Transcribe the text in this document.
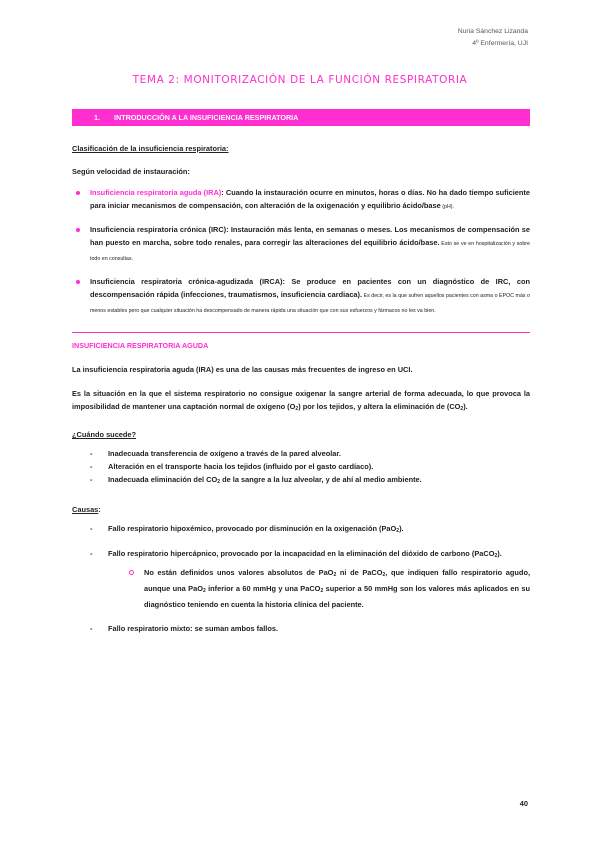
Nuria Sánchez Lizanda
4º Enfermería, UJI
TEMA 2: MONITORIZACIÓN DE LA FUNCIÓN RESPIRATORIA
1. INTRODUCCIÓN A LA INSUFICIENCIA RESPIRATORIA

Clasificación de la insuficiencia respiratoria:

Según velocidad de instauración:

Insuficiencia respiratoria aguda (IRA): Cuando la instauración ocurre en minutos, horas o días. No ha dado tiempo suficiente para iniciar mecanismos de compensación, con alteración de la oxigenación y equilibrio ácido/base (pH).
Insuficiencia respiratoria crónica (IRC): Instauración más lenta, en semanas o meses. Los mecanismos de compensación se han puesto en marcha, sobre todo renales, para corregir las alteraciones del equilibrio ácido/base. Esto se ve en hospitalización y sobre todo en consultas.
Insuficiencia respiratoria crónica-agudizada (IRCA): Se produce en pacientes con un diagnóstico de IRC, con descompensación rápida (infecciones, traumatismos, insuficiencia cardiaca). Es decir, es la que sufren aquellos pacientes con asma o EPOC más o menos estables pero que cualquier situación ha descompensado de manera rápida una situación que con sus esfuerzos y fármacos no les va bien.

INSUFICIENCIA RESPIRATORIA AGUDA

La insuficiencia respiratoria aguda (IRA) es una de las causas más frecuentes de ingreso en UCI.

Es la situación en la que el sistema respiratorio no consigue oxigenar la sangre arterial de forma adecuada, lo que provoca la imposibilidad de mantener una captación normal de oxígeno $(O_2)$ por los tejidos, y altera la eliminación de $(CO_2)$.

¿Cuándo sucede?

- Inadecuada transferencia de oxígeno a través de la pared alveolar.
- Alteración en el transporte hacia los tejidos (influido por el gasto cardíaco).
- Inadecuada eliminación del $CO_2$ de la sangre a la luz alveolar, y de ahí al medio ambiente.

Causas:

- Fallo respiratorio hipoxémico, provocado por disminución en la oxigenación (PaO$_2$).
- Fallo respiratorio hipercápnico, provocado por la incapacidad en la eliminación del dióxido de carbono (PaCO$_2$).
No están definidos unos valores absolutos de PaO$_2$ ni de PaCO$_2$, que indiquen fallo respiratorio agudo, aunque una PaO$_2$ inferior a 60 mmHg y una PaCO$_2$ superior a 50 mmHg son los valores más aplicados en su diagnóstico teniendo en cuenta la historia clínica del paciente.
- Fallo respiratorio mixto: se suman ambos fallos.
40
